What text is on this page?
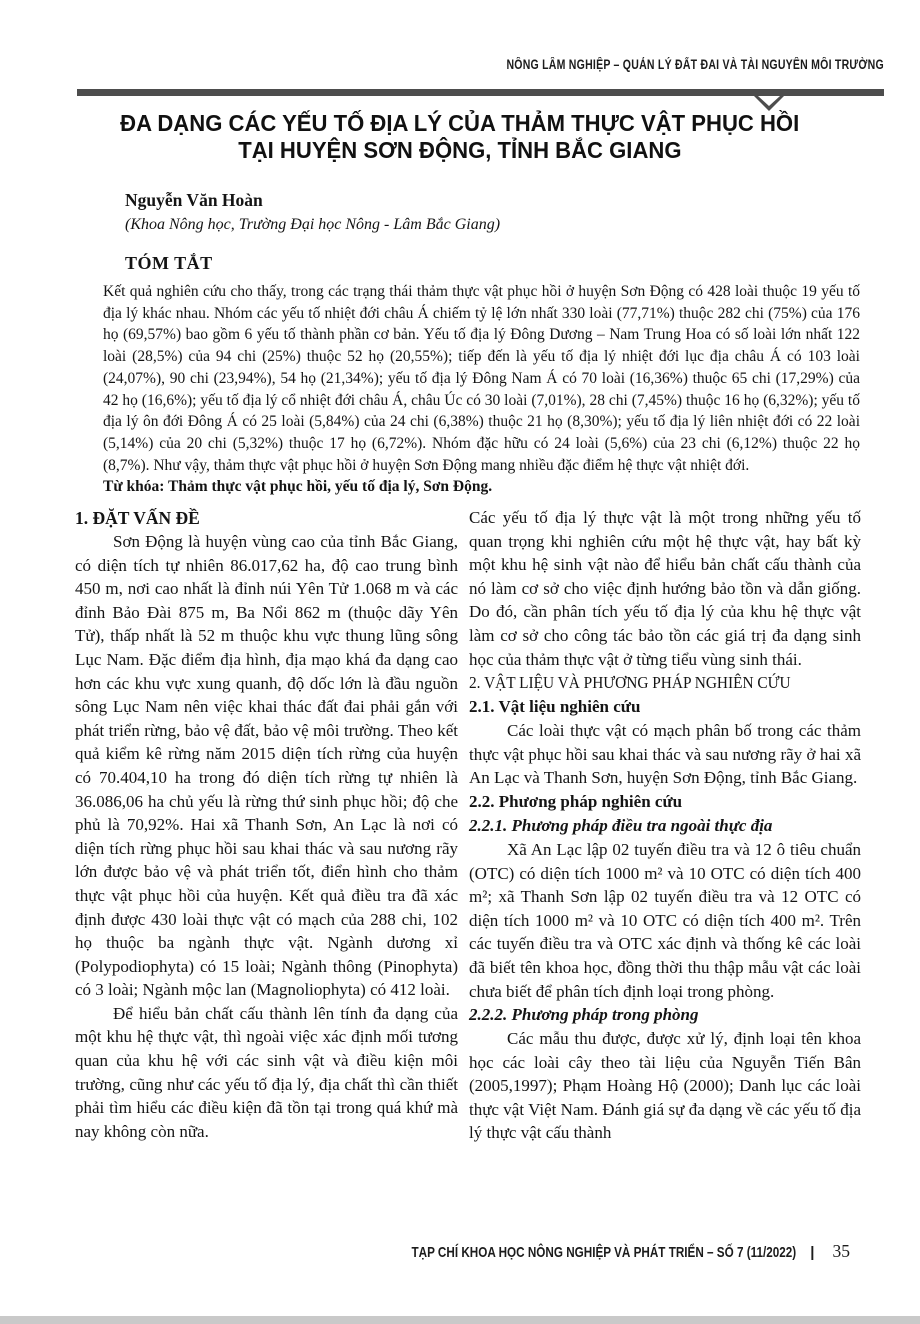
NÔNG LÂM NGHIỆP – QUẢN LÝ ĐẤT ĐAI VÀ TÀI NGUYÊN MÔI TRƯỜNG
ĐA DẠNG CÁC YẾU TỐ ĐỊA LÝ CỦA THẢM THỰC VẬT PHỤC HỒI
TẠI HUYỆN SƠN ĐỘNG, TỈNH BẮC GIANG
Nguyễn Văn Hoàn
(Khoa Nông học, Trường Đại học Nông - Lâm Bắc Giang)
TÓM TẮT

Kết quả nghiên cứu cho thấy, trong các trạng thái thảm thực vật phục hồi ở huyện Sơn Động có 428 loài thuộc 19 yếu tố địa lý khác nhau. Nhóm các yếu tố nhiệt đới châu Á chiếm tỷ lệ lớn nhất 330 loài (77,71%) thuộc 282 chi (75%) của 176 họ (69,57%) bao gồm 6 yếu tố thành phần cơ bản. Yếu tố địa lý Đông Dương – Nam Trung Hoa có số loài lớn nhất 122 loài (28,5%) của 94 chi (25%) thuộc 52 họ (20,55%); tiếp đến là yếu tố địa lý nhiệt đới lục địa châu Á có 103 loài (24,07%), 90 chi (23,94%), 54 họ (21,34%); yếu tố địa lý Đông Nam Á có 70 loài (16,36%) thuộc 65 chi (17,29%) của 42 họ (16,6%); yếu tố địa lý cổ nhiệt đới châu Á, châu Úc có 30 loài (7,01%), 28 chi (7,45%) thuộc 16 họ (6,32%); yếu tố địa lý ôn đới Đông Á có 25 loài (5,84%) của 24 chi (6,38%) thuộc 21 họ (8,30%); yếu tố địa lý liên nhiệt đới có 22 loài (5,14%) của 20 chi (5,32%) thuộc 17 họ (6,72%). Nhóm đặc hữu có 24 loài (5,6%) của 23 chi (6,12%) thuộc 22 họ (8,7%). Như vậy, thảm thực vật phục hồi ở huyện Sơn Động mang nhiều đặc điểm hệ thực vật nhiệt đới.

Từ khóa: Thảm thực vật phục hồi, yếu tố địa lý, Sơn Động.

1. ĐẶT VẤN ĐỀ

Sơn Động là huyện vùng cao của tỉnh Bắc Giang, có diện tích tự nhiên 86.017,62 ha, độ cao trung bình 450 m, nơi cao nhất là đỉnh núi Yên Tử 1.068 m và các đỉnh Bảo Đài 875 m, Ba Nổi 862 m (thuộc dãy Yên Tử), thấp nhất là 52 m thuộc khu vực thung lũng sông Lục Nam. Đặc điểm địa hình, địa mạo khá đa dạng cao hơn các khu vực xung quanh, độ dốc lớn là đầu nguồn sông Lục Nam nên việc khai thác đất đai phải gắn với phát triển rừng, bảo vệ đất, bảo vệ môi trường. Theo kết quả kiểm kê rừng năm 2015 diện tích rừng của huyện có 70.404,10 ha trong đó diện tích rừng tự nhiên là 36.086,06 ha chủ yếu là rừng thứ sinh phục hồi; độ che phủ là 70,92%. Hai xã Thanh Sơn, An Lạc là nơi có diện tích rừng phục hồi sau khai thác và sau nương rãy lớn được bảo vệ và phát triển tốt, điển hình cho thảm thực vật phục hồi của huyện. Kết quả điều tra đã xác định được 430 loài thực vật có mạch của 288 chi, 102 họ thuộc ba ngành thực vật. Ngành dương xỉ (Polypodiophyta) có 15 loài; Ngành thông (Pinophyta) có 3 loài; Ngành mộc lan (Magnoliophyta) có 412 loài.

Để hiểu bản chất cấu thành lên tính đa dạng của một khu hệ thực vật, thì ngoài việc xác định mối tương quan của khu hệ với các sinh vật và điều kiện môi trường, cũng như các yếu tố địa lý, địa chất thì cần thiết phải tìm hiểu các điều kiện đã tồn tại trong quá khứ mà nay không còn nữa.

Các yếu tố địa lý thực vật là một trong những yếu tố quan trọng khi nghiên cứu một hệ thực vật, hay bất kỳ một khu hệ sinh vật nào để hiểu bản chất cấu thành của nó làm cơ sở cho việc định hướng bảo tồn và dẫn giống. Do đó, cần phân tích yếu tố địa lý của khu hệ thực vật làm cơ sở cho công tác bảo tồn các giá trị đa dạng sinh học của thảm thực vật ở từng tiểu vùng sinh thái.

2. VẬT LIỆU VÀ PHƯƠNG PHÁP NGHIÊN CỨU
2.1. Vật liệu nghiên cứu

Các loài thực vật có mạch phân bố trong các thảm thực vật phục hồi sau khai thác và sau nương rãy ở hai xã An Lạc và Thanh Sơn, huyện Sơn Động, tỉnh Bắc Giang.

2.2. Phương pháp nghiên cứu
2.2.1. Phương pháp điều tra ngoài thực địa

Xã An Lạc lập 02 tuyến điều tra và 12 ô tiêu chuẩn (OTC) có diện tích 1000 m² và 10 OTC có diện tích 400 m²; xã Thanh Sơn lập 02 tuyến điều tra và 12 OTC có diện tích 1000 m² và 10 OTC có diện tích 400 m². Trên các tuyến điều tra và OTC xác định và thống kê các loài đã biết tên khoa học, đồng thời thu thập mẫu vật các loài chưa biết để phân tích định loại trong phòng.

2.2.2. Phương pháp trong phòng

Các mẫu thu được, được xử lý, định loại tên khoa học các loài cây theo tài liệu của Nguyễn Tiến Bân (2005,1997); Phạm Hoàng Hộ (2000); Danh lục các loài thực vật Việt Nam. Đánh giá sự đa dạng về các yếu tố địa lý thực vật cấu thành

TẠP CHÍ KHOA HỌC NÔNG NGHIỆP VÀ PHÁT TRIỂN – SỐ 7 (11/2022) | 35
